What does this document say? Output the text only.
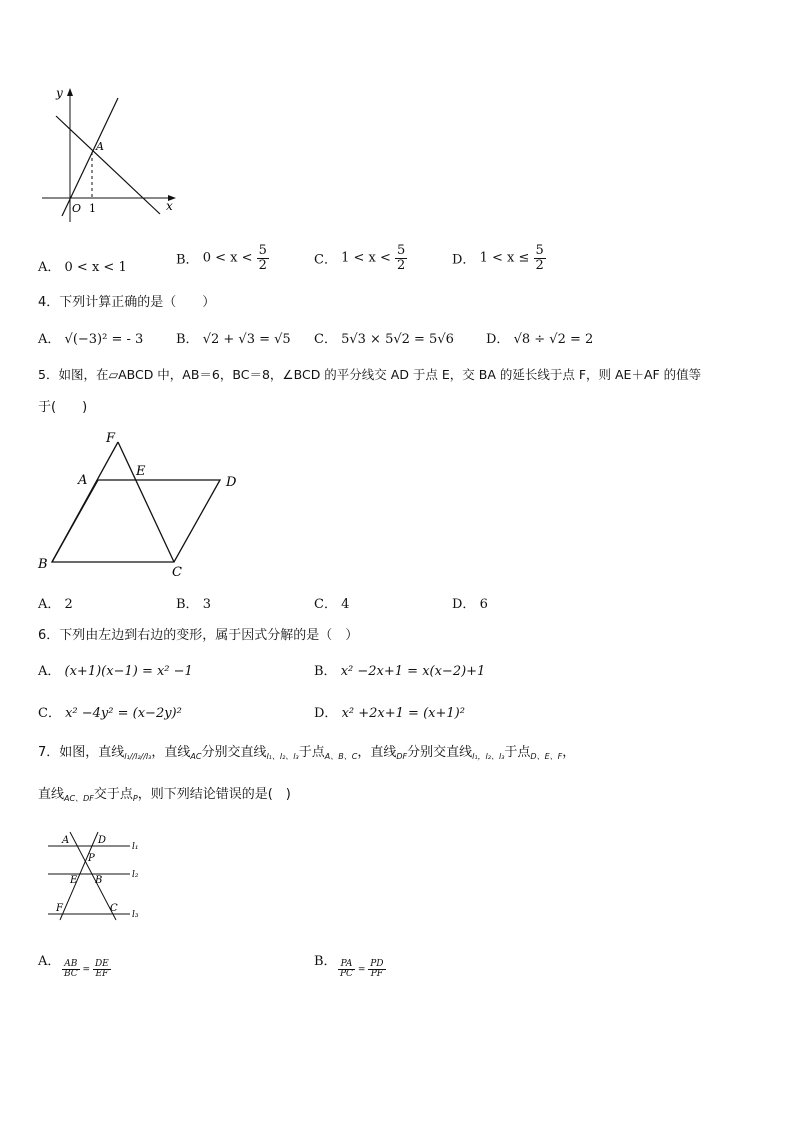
y
x
A
O 1
A． 0 < x < 1	B． $0 < x < \frac{5}{2}$	C． $1 < x < \frac{5}{2}$	D． $1 < x \le \frac{5}{2}$
4．下列计算正确的是（　　）
A． √(−3)² = - 3	B． √2 + √3 = √5 C． 5√3 × 5√2 = 5√6 D． √8 ÷ √2 = 2
5．如图，在▱ABCD 中，AB＝6，BC＝8，∠BCD 的平分线交 AD 于点 E，交 BA 的延长线于点 F，则 AE＋AF 的值等
于(　　)
F
A
E
D
B
C
A． 2	B． 3	C． 4	D． 6
6．下列由左边到右边的变形，属于因式分解的是（　）
A． (x+1)(x−1) = x² −1	B． x² −2x+1 = x(x−2)+1
C． x² −4y² = (x−2y)²	D． x² +2x+1 = (x+1)²
7．如图，直线$_{l_1//l_2//l_3}$，直线$_{AC}$分别交直线$_{l_1、l_2、l_3}$于点$_{A、B、C}$，直线$_{DF}$分别交直线$_{l_1,l_2、l_3}$于点$_{D、E、F}$，
直线$_{AC、DF}$交于点$_P$，则下列结论错误的是(　)
A	D
P
E B
F	C
l₁
l₂
l₃
A． $\frac{AB}{BC} = \frac{DE}{EF}$	B． $\frac{PA}{PC} = \frac{PD}{PF}$
